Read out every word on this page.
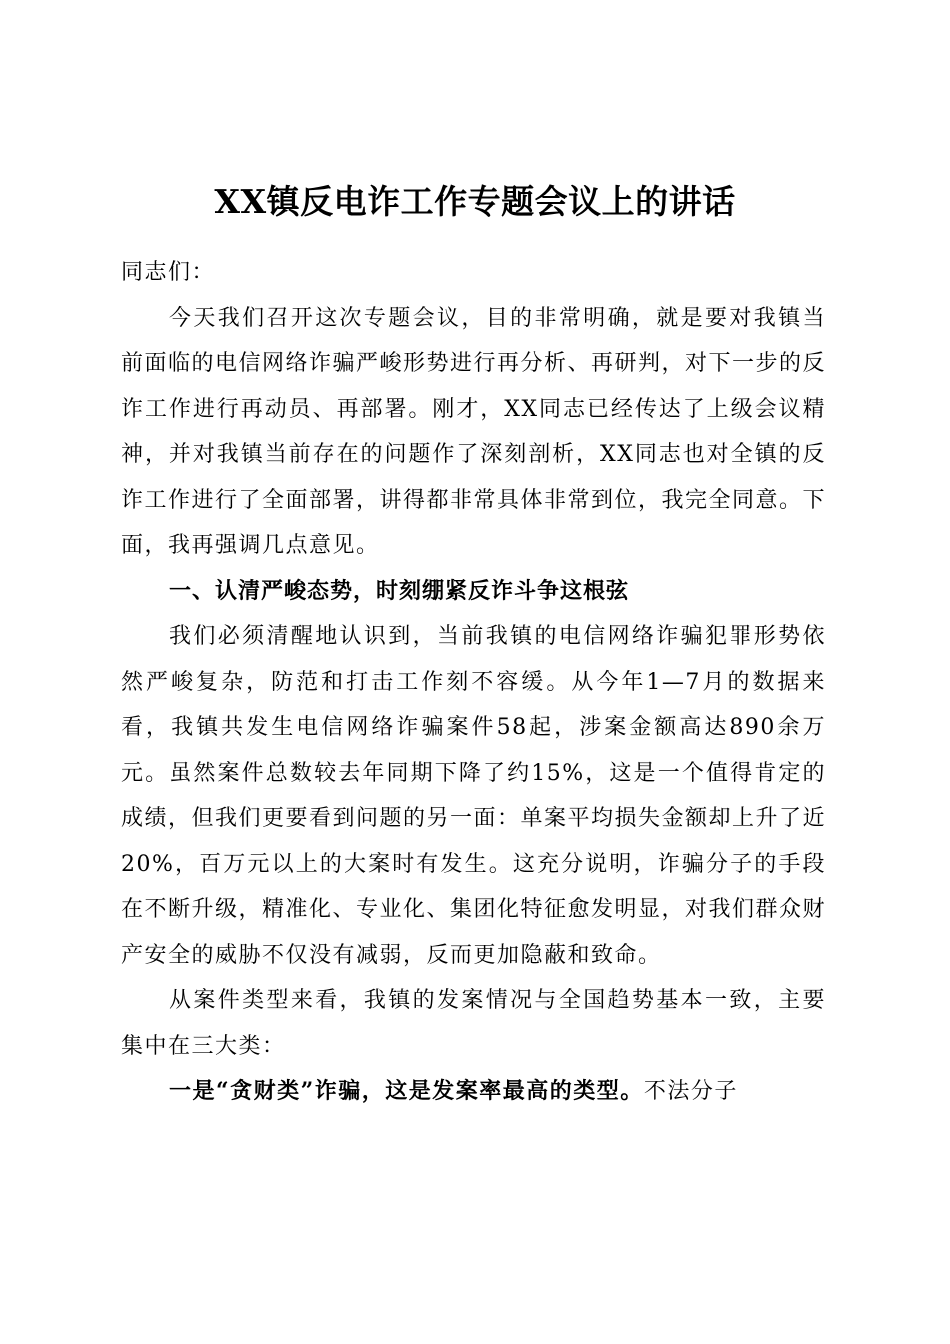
XX镇反电诈工作专题会议上的讲话

同志们：

今天我们召开这次专题会议，目的非常明确，就是要对我镇当前面临的电信网络诈骗严峻形势进行再分析、再研判，对下一步的反诈工作进行再动员、再部署。刚才，XX同志已经传达了上级会议精神，并对我镇当前存在的问题作了深刻剖析，XX同志也对全镇的反诈工作进行了全面部署，讲得都非常具体非常到位，我完全同意。下面，我再强调几点意见。

一、认清严峻态势，时刻绷紧反诈斗争这根弦

我们必须清醒地认识到，当前我镇的电信网络诈骗犯罪形势依然严峻复杂，防范和打击工作刻不容缓。从今年1—7月的数据来看，我镇共发生电信网络诈骗案件58起，涉案金额高达890余万元。虽然案件总数较去年同期下降了约15%，这是一个值得肯定的成绩，但我们更要看到问题的另一面：单案平均损失金额却上升了近20%，百万元以上的大案时有发生。这充分说明，诈骗分子的手段在不断升级，精准化、专业化、集团化特征愈发明显，对我们群众财产安全的威胁不仅没有减弱，反而更加隐蔽和致命。

从案件类型来看，我镇的发案情况与全国趋势基本一致，主要集中在三大类：

一是“贪财类”诈骗，这是发案率最高的类型。不法分子
